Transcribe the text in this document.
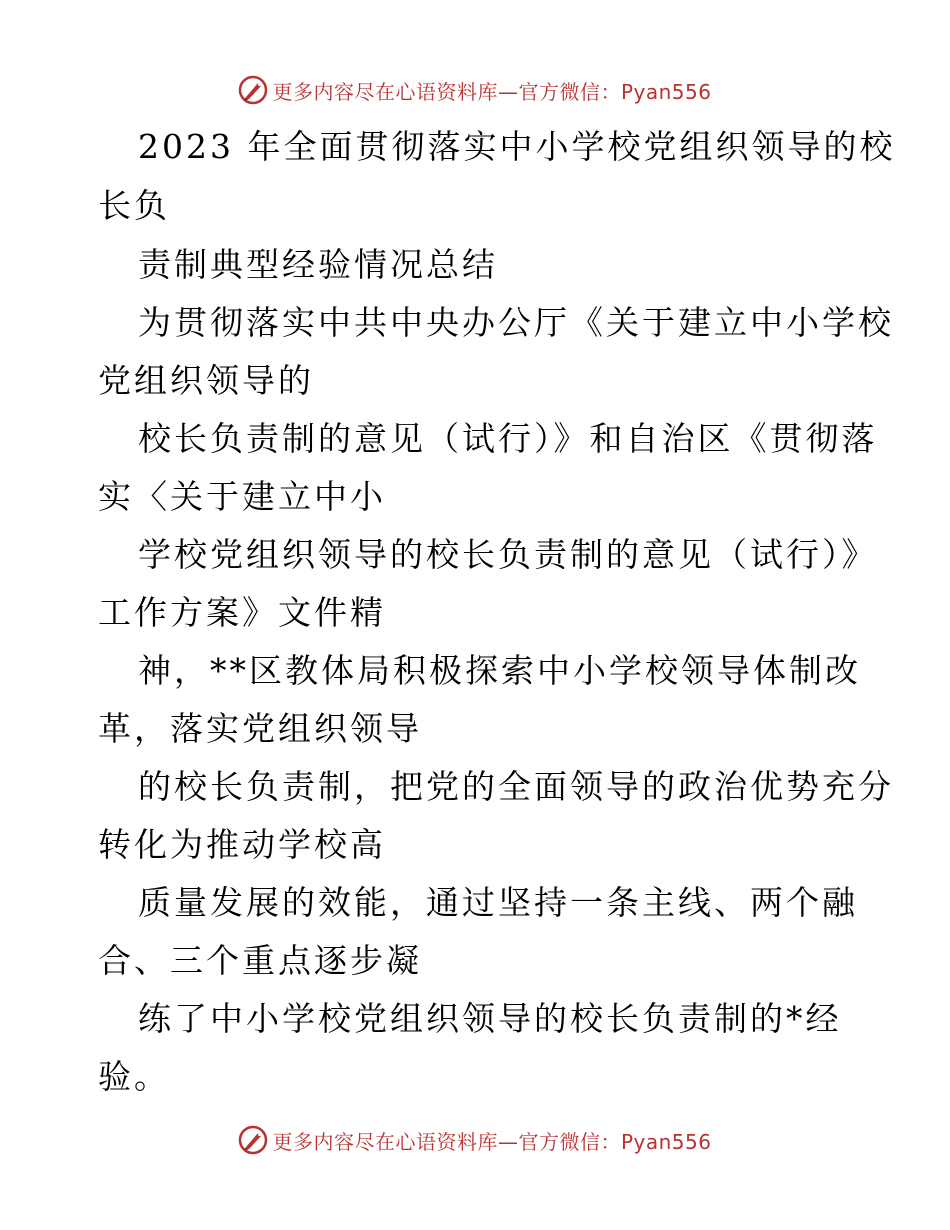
更多内容尽在心语资料库—官方微信：Pyan556
2023 年全面贯彻落实中小学校党组织领导的校
长负
责制典型经验情况总结
为贯彻落实中共中央办公厅《关于建立中小学校
党组织领导的
校长负责制的意见（试行）》和自治区《贯彻落
实〈关于建立中小
学校党组织领导的校长负责制的意见（试行）》
工作方案》文件精
神，**区教体局积极探索中小学校领导体制改
革，落实党组织领导
的校长负责制，把党的全面领导的政治优势充分
转化为推动学校高
质量发展的效能，通过坚持一条主线、两个融
合、三个重点逐步凝
练了中小学校党组织领导的校长负责制的*经
验。
更多内容尽在心语资料库—官方微信：Pyan556
